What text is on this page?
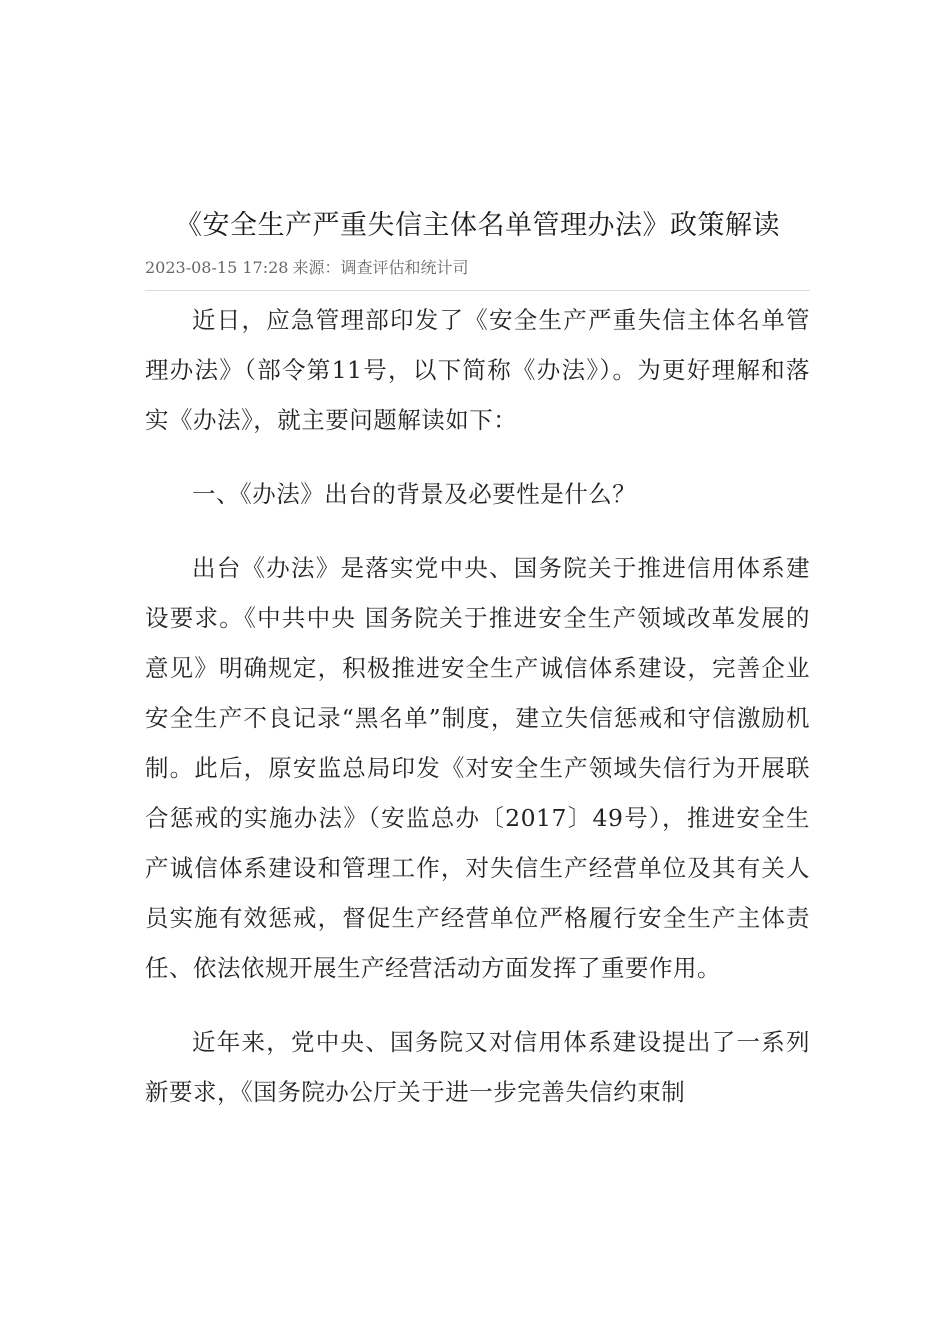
《安全生产严重失信主体名单管理办法》政策解读
2023-08-15 17:28 来源：调查评估和统计司

近日，应急管理部印发了《安全生产严重失信主体名单管理办法》（部令第11号，以下简称《办法》）。为更好理解和落实《办法》，就主要问题解读如下：

一、《办法》出台的背景及必要性是什么？

出台《办法》是落实党中央、国务院关于推进信用体系建设要求。《中共中央 国务院关于推进安全生产领域改革发展的意见》明确规定，积极推进安全生产诚信体系建设，完善企业安全生产不良记录“黑名单”制度，建立失信惩戒和守信激励机制。此后，原安监总局印发《对安全生产领域失信行为开展联合惩戒的实施办法》（安监总办〔2017〕49号），推进安全生产诚信体系建设和管理工作，对失信生产经营单位及其有关人员实施有效惩戒，督促生产经营单位严格履行安全生产主体责任、依法依规开展生产经营活动方面发挥了重要作用。

近年来，党中央、国务院又对信用体系建设提出了一系列新要求，《国务院办公厅关于进一步完善失信约束制
